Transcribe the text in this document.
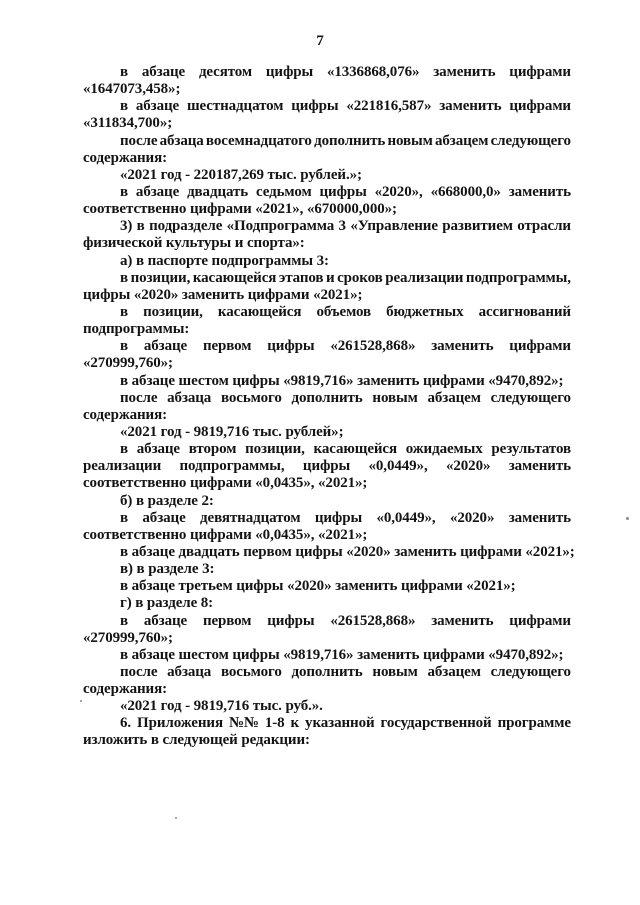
7
в абзаце десятом цифры «1336868,076» заменить цифрами
«1647073,458»;
в абзаце шестнадцатом цифры «221816,587» заменить цифрами
«311834,700»;
после абзаца восемнадцатого дополнить новым абзацем следующего
содержания:
«2021 год - 220187,269 тыс. рублей.»;
в абзаце двадцать седьмом цифры «2020», «668000,0» заменить
соответственно цифрами «2021», «670000,000»;
3) в подразделе «Подпрограмма 3 «Управление развитием отрасли
физической культуры и спорта»:
а) в паспорте подпрограммы 3:
в позиции, касающейся этапов и сроков реализации подпрограммы,
цифры «2020» заменить цифрами «2021»;
в позиции, касающейся объемов бюджетных ассигнований
подпрограммы:
в абзаце первом цифры «261528,868» заменить цифрами
«270999,760»;
в абзаце шестом цифры «9819,716» заменить цифрами «9470,892»;
после абзаца восьмого дополнить новым абзацем следующего
содержания:
«2021 год - 9819,716 тыс. рублей»;
в абзаце втором позиции, касающейся ожидаемых результатов
реализации подпрограммы, цифры «0,0449», «2020» заменить
соответственно цифрами «0,0435», «2021»;
б) в разделе 2:
в абзаце девятнадцатом цифры «0,0449», «2020» заменить
соответственно цифрами «0,0435», «2021»;
в абзаце двадцать первом цифры «2020» заменить цифрами «2021»;
в) в разделе 3:
в абзаце третьем цифры «2020» заменить цифрами «2021»;
г) в разделе 8:
в абзаце первом цифры «261528,868» заменить цифрами
«270999,760»;
в абзаце шестом цифры «9819,716» заменить цифрами «9470,892»;
после абзаца восьмого дополнить новым абзацем следующего
содержания:
«2021 год - 9819,716 тыс. руб.».
6. Приложения №№ 1-8 к указанной государственной программе
изложить в следующей редакции:
